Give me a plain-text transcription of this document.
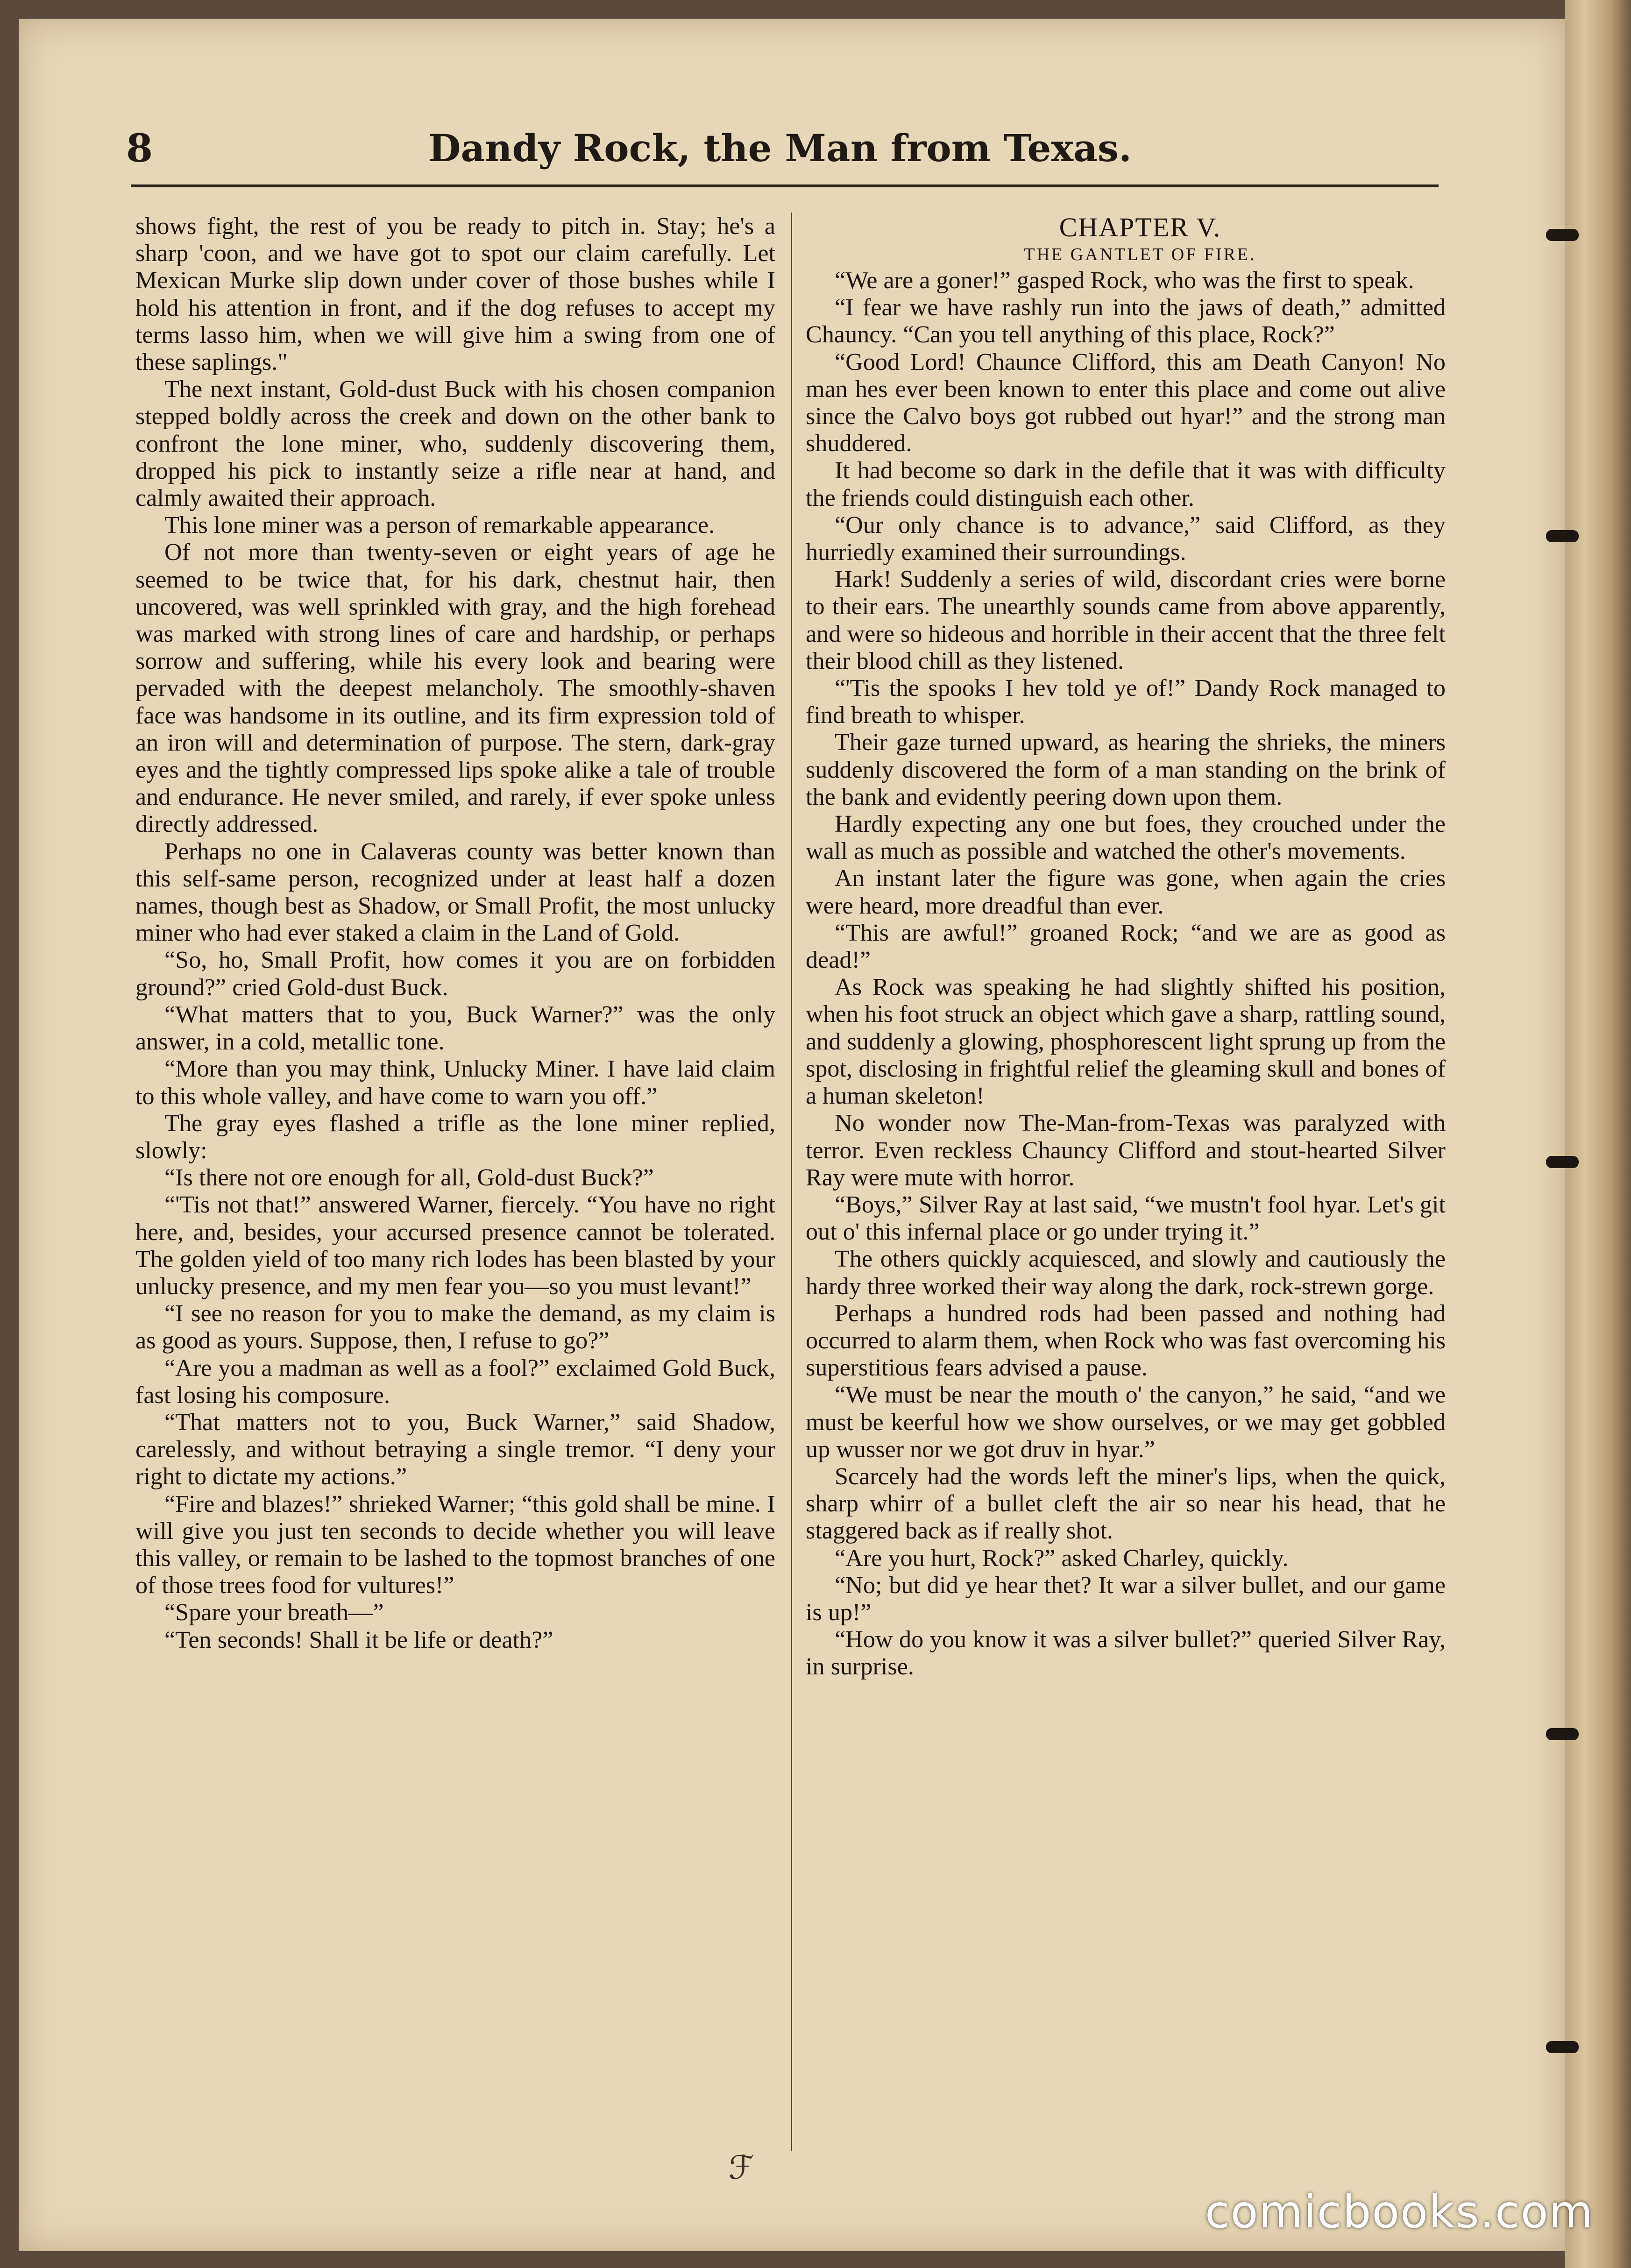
8	Dandy Rock, the Man from Texas.

shows fight, the rest of you be ready to pitch in. Stay; he's a sharp 'coon, and we have got to spot our claim carefully. Let Mexican Murke slip down under cover of those bushes while I hold his attention in front, and if the dog refuses to accept my terms lasso him, when we will give him a swing from one of these saplings."

The next instant, Gold-dust Buck with his chosen companion stepped boldly across the creek and down on the other bank to confront the lone miner, who, suddenly discovering them, dropped his pick to instantly seize a rifle near at hand, and calmly awaited their approach.

This lone miner was a person of remarkable appearance.

Of not more than twenty-seven or eight years of age he seemed to be twice that, for his dark, chestnut hair, then uncovered, was well sprinkled with gray, and the high forehead was marked with strong lines of care and hardship, or perhaps sorrow and suffering, while his every look and bearing were pervaded with the deepest melancholy. The smoothly-shaven face was handsome in its outline, and its firm expression told of an iron will and determination of purpose. The stern, dark-gray eyes and the tightly compressed lips spoke alike a tale of trouble and endurance. He never smiled, and rarely, if ever spoke unless directly addressed.

Perhaps no one in Calaveras county was better known than this self-same person, recognized under at least half a dozen names, though best as Shadow, or Small Profit, the most unlucky miner who had ever staked a claim in the Land of Gold.

“So, ho, Small Profit, how comes it you are on forbidden ground?” cried Gold-dust Buck.

“What matters that to you, Buck Warner?” was the only answer, in a cold, metallic tone.

“More than you may think, Unlucky Miner. I have laid claim to this whole valley, and have come to warn you off.”

The gray eyes flashed a trifle as the lone miner replied, slowly:

“Is there not ore enough for all, Gold-dust Buck?”

“'Tis not that!” answered Warner, fiercely. “You have no right here, and, besides, your accursed presence cannot be tolerated. The golden yield of too many rich lodes has been blasted by your unlucky presence, and my men fear you—so you must levant!”

“I see no reason for you to make the demand, as my claim is as good as yours. Suppose, then, I refuse to go?”

“Are you a madman as well as a fool?” exclaimed Gold Buck, fast losing his composure.

“That matters not to you, Buck Warner,” said Shadow, carelessly, and without betraying a single tremor. “I deny your right to dictate my actions.”

“Fire and blazes!” shrieked Warner; “this gold shall be mine. I will give you just ten seconds to decide whether you will leave this valley, or remain to be lashed to the topmost branches of one of those trees food for vultures!”

“Spare your breath—”

“Ten seconds! Shall it be life or death?”

CHAPTER V.

THE GANTLET OF FIRE.

“We are a goner!” gasped Rock, who was the first to speak.

“I fear we have rashly run into the jaws of death,” admitted Chauncy. “Can you tell anything of this place, Rock?”

“Good Lord! Chaunce Clifford, this am Death Canyon! No man hes ever been known to enter this place and come out alive since the Calvo boys got rubbed out hyar!” and the strong man shuddered.

It had become so dark in the defile that it was with difficulty the friends could distinguish each other.

“Our only chance is to advance,” said Clifford, as they hurriedly examined their surroundings.

Hark! Suddenly a series of wild, discordant cries were borne to their ears. The unearthly sounds came from above apparently, and were so hideous and horrible in their accent that the three felt their blood chill as they listened.

“'Tis the spooks I hev told ye of!” Dandy Rock managed to find breath to whisper.

Their gaze turned upward, as hearing the shrieks, the miners suddenly discovered the form of a man standing on the brink of the bank and evidently peering down upon them.

Hardly expecting any one but foes, they crouched under the wall as much as possible and watched the other's movements.

An instant later the figure was gone, when again the cries were heard, more dreadful than ever.

“This are awful!” groaned Rock; “and we are as good as dead!”

As Rock was speaking he had slightly shifted his position, when his foot struck an object which gave a sharp, rattling sound, and suddenly a glowing, phosphorescent light sprung up from the spot, disclosing in frightful relief the gleaming skull and bones of a human skeleton!

No wonder now The-Man-from-Texas was paralyzed with terror. Even reckless Chauncy Clifford and stout-hearted Silver Ray were mute with horror.

“Boys,” Silver Ray at last said, “we mustn't fool hyar. Let's git out o' this infernal place or go under trying it.”

The others quickly acquiesced, and slowly and cautiously the hardy three worked their way along the dark, rock-strewn gorge.

Perhaps a hundred rods had been passed and nothing had occurred to alarm them, when Rock who was fast overcoming his superstitious fears advised a pause.

“We must be near the mouth o' the canyon,” he said, “and we must be keerful how we show ourselves, or we may get gobbled up wusser nor we got druv in hyar.”

Scarcely had the words left the miner's lips, when the quick, sharp whirr of a bullet cleft the air so near his head, that he staggered back as if really shot.

“Are you hurt, Rock?” asked Charley, quickly.

“No; but did ye hear thet? It war a silver bullet, and our game is up!”

“How do you know it was a silver bullet?” queried Silver Ray, in surprise.

ℱ
comicbooks.com
